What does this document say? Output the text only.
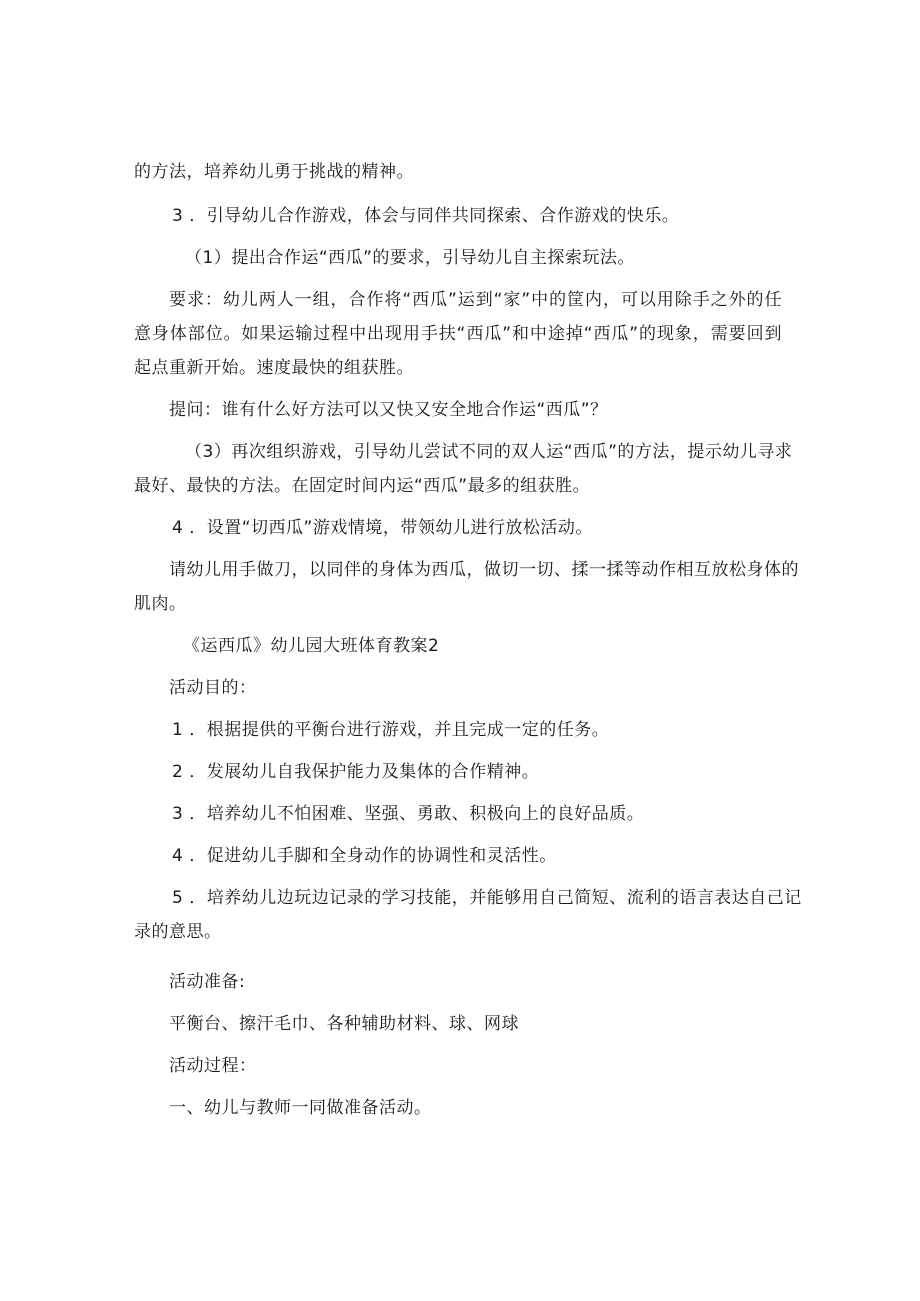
的方法，培养幼儿勇于挑战的精神。
3 ．引导幼儿合作游戏，体会与同伴共同探索、合作游戏的快乐。
（1）提出合作运“西瓜”的要求，引导幼儿自主探索玩法。
要求：幼儿两人一组，合作将“西瓜”运到“家”中的筐内，可以用除手之外的任
意身体部位。如果运输过程中出现用手扶“西瓜”和中途掉“西瓜”的现象，需要回到
起点重新开始。速度最快的组获胜。
提问：谁有什么好方法可以又快又安全地合作运“西瓜”？
（3）再次组织游戏，引导幼儿尝试不同的双人运“西瓜”的方法，提示幼儿寻求
最好、最快的方法。在固定时间内运“西瓜”最多的组获胜。
4 ．设置“切西瓜”游戏情境，带领幼儿进行放松活动。
请幼儿用手做刀，以同伴的身体为西瓜，做切一切、揉一揉等动作相互放松身体的
肌肉。
《运西瓜》幼儿园大班体育教案2
活动目的：
1 ．根据提供的平衡台进行游戏，并且完成一定的任务。
2 ．发展幼儿自我保护能力及集体的合作精神。
3 ．培养幼儿不怕困难、坚强、勇敢、积极向上的良好品质。
4 ．促进幼儿手脚和全身动作的协调性和灵活性。
5 ．培养幼儿边玩边记录的学习技能，并能够用自己简短、流利的语言表达自己记
录的意思。
活动准备:
平衡台、擦汗毛巾、各种辅助材料、球、网球
活动过程：
一、幼儿与教师一同做准备活动。
